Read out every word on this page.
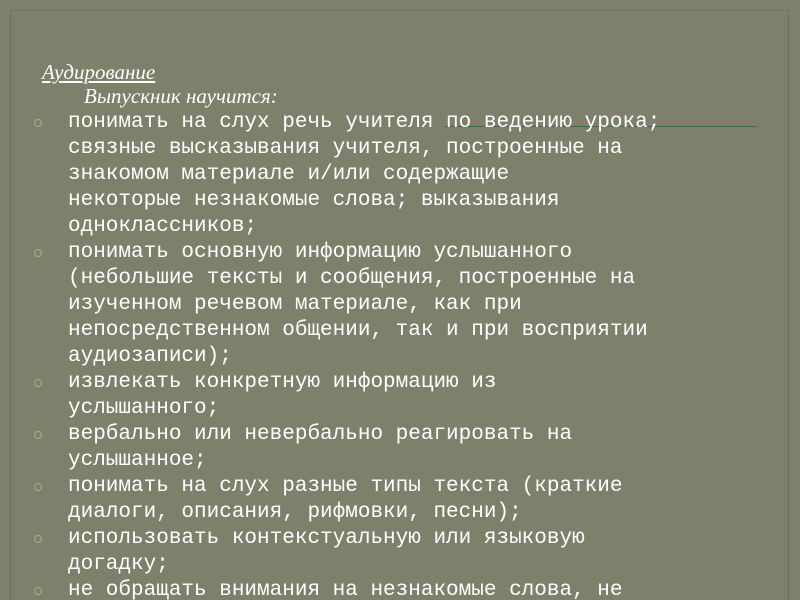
Аудирование

Выпускник научится:

понимать на слух речь учителя по ведению урока;
связные высказывания учителя, построенные на
знакомом материале и/или содержащие
некоторые незнакомые слова; выказывания
одноклассников;
понимать основную информацию услышанного
(небольшие тексты и сообщения, построенные на
изученном речевом материале, как при
непосредственном общении, так и при восприятии
аудиозаписи);
извлекать конкретную информацию из
услышанного;
вербально или невербально реагировать на
услышанное;
понимать на слух разные типы текста (краткие
диалоги, описания, рифмовки, песни);
использовать контекстуальную или языковую
догадку;
не обращать внимания на незнакомые слова, не
